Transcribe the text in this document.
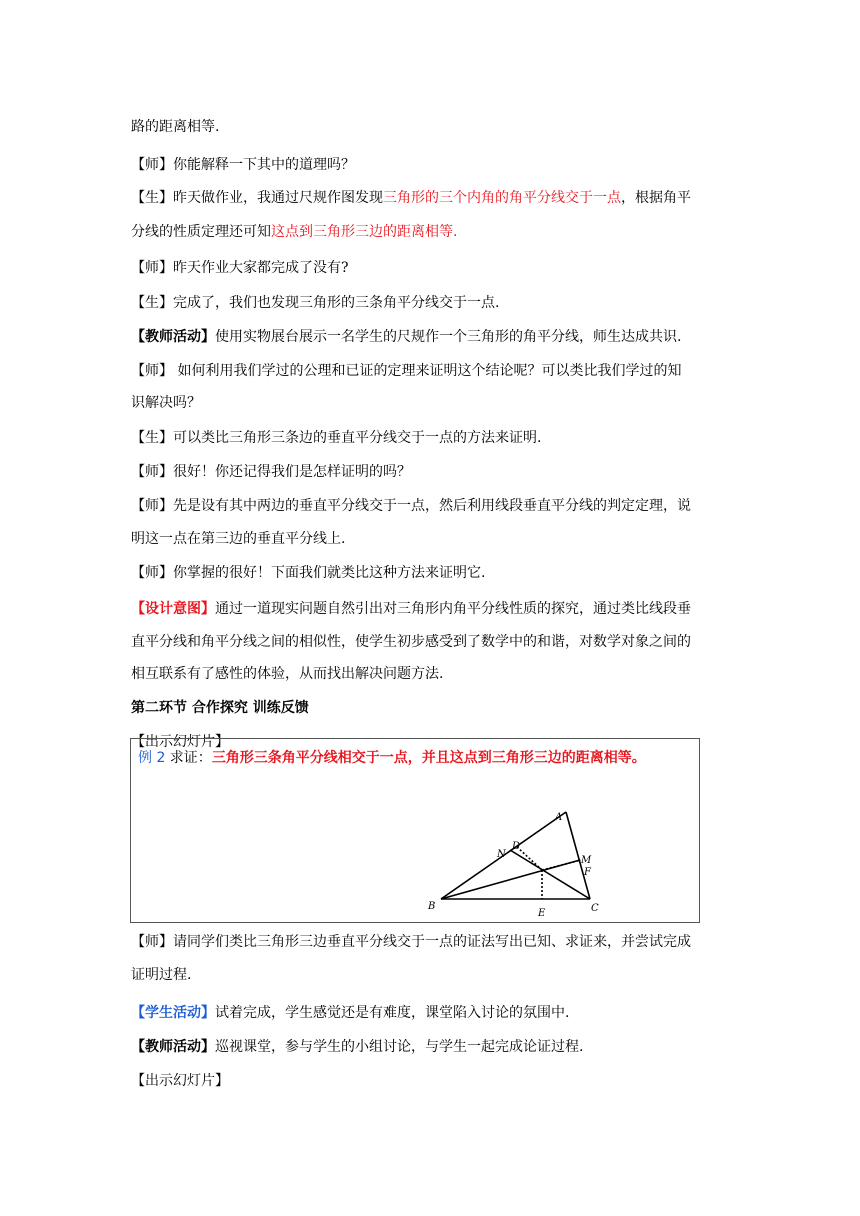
路的距离相等.
【师】你能解释一下其中的道理吗？
【生】昨天做作业，我通过尺规作图发现三角形的三个内角的角平分线交于一点，根据角平
分线的性质定理还可知这点到三角形三边的距离相等.
【师】昨天作业大家都完成了没有?
【生】完成了，我们也发现三角形的三条角平分线交于一点.
【教师活动】使用实物展台展示一名学生的尺规作一个三角形的角平分线，师生达成共识.
【师】 如何利用我们学过的公理和已证的定理来证明这个结论呢？可以类比我们学过的知
识解决吗？
【生】可以类比三角形三条边的垂直平分线交于一点的方法来证明.
【师】很好！你还记得我们是怎样证明的吗？
【师】先是设有其中两边的垂直平分线交于一点，然后利用线段垂直平分线的判定定理，说
明这一点在第三边的垂直平分线上.
【师】你掌握的很好！下面我们就类比这种方法来证明它.
【设计意图】通过一道现实问题自然引出对三角形内角平分线性质的探究，通过类比线段垂
直平分线和角平分线之间的相似性，使学生初步感受到了数学中的和谐，对数学对象之间的
相互联系有了感性的体验，从而找出解决问题方法.
第二环节 合作探究 训练反馈
【出示幻灯片】
例 2 求证：三角形三条角平分线相交于一点，并且这点到三角形三边的距离相等。
A
B	C
D
E
F
M
N
【师】请同学们类比三角形三边垂直平分线交于一点的证法写出已知、求证来，并尝试完成
证明过程.
【学生活动】试着完成，学生感觉还是有难度，课堂陷入讨论的氛围中.
【教师活动】巡视课堂，参与学生的小组讨论，与学生一起完成论证过程.
【出示幻灯片】
